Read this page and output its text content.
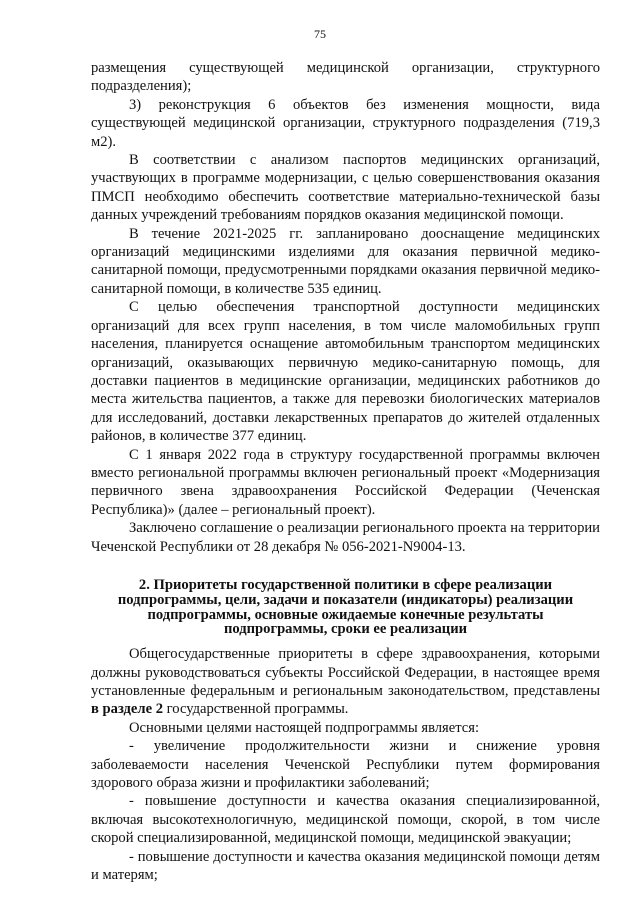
75

размещения существующей медицинской организации, структурного подразделения);

3) реконструкция 6 объектов без изменения мощности, вида существующей медицинской организации, структурного подразделения (719,3 м2).

В соответствии с анализом паспортов медицинских организаций, участвующих в программе модернизации, с целью совершенствования оказания ПМСП необходимо обеспечить соответствие материально-технической базы данных учреждений требованиям порядков оказания медицинской помощи.

В течение 2021-2025 гг. запланировано дооснащение медицинских организаций медицинскими изделиями для оказания первичной медико-санитарной помощи, предусмотренными порядками оказания первичной медико-санитарной помощи, в количестве 535 единиц.

С целью обеспечения транспортной доступности медицинских организаций для всех групп населения, в том числе маломобильных групп населения, планируется оснащение автомобильным транспортом медицинских организаций, оказывающих первичную медико-санитарную помощь, для доставки пациентов в медицинские организации, медицинских работников до места жительства пациентов, а также для перевозки биологических материалов для исследований, доставки лекарственных препаратов до жителей отдаленных районов, в количестве 377 единиц.

С 1 января 2022 года в структуру государственной программы включен вместо региональной программы включен региональный проект «Модернизация первичного звена здравоохранения Российской Федерации (Чеченская Республика)» (далее – региональный проект).

Заключено соглашение о реализации регионального проекта на территории Чеченской Республики от 28 декабря № 056-2021-N9004-13.

2. Приоритеты государственной политики в сфере реализации
подпрограммы, цели, задачи и показатели (индикаторы) реализации
подпрограммы, основные ожидаемые конечные результаты
подпрограммы, сроки ее реализации

Общегосударственные приоритеты в сфере здравоохранения, которыми должны руководствоваться субъекты Российской Федерации, в настоящее время установленные федеральным и региональным законодательством, представлены в разделе 2 государственной программы.

Основными целями настоящей подпрограммы является:

- увеличение продолжительности жизни и снижение уровня заболеваемости населения Чеченской Республики путем формирования здорового образа жизни и профилактики заболеваний;

- повышение доступности и качества оказания специализированной, включая высокотехнологичную, медицинской помощи, скорой, в том числе скорой специализированной, медицинской помощи, медицинской эвакуации;

- повышение доступности и качества оказания медицинской помощи детям и матерям;
